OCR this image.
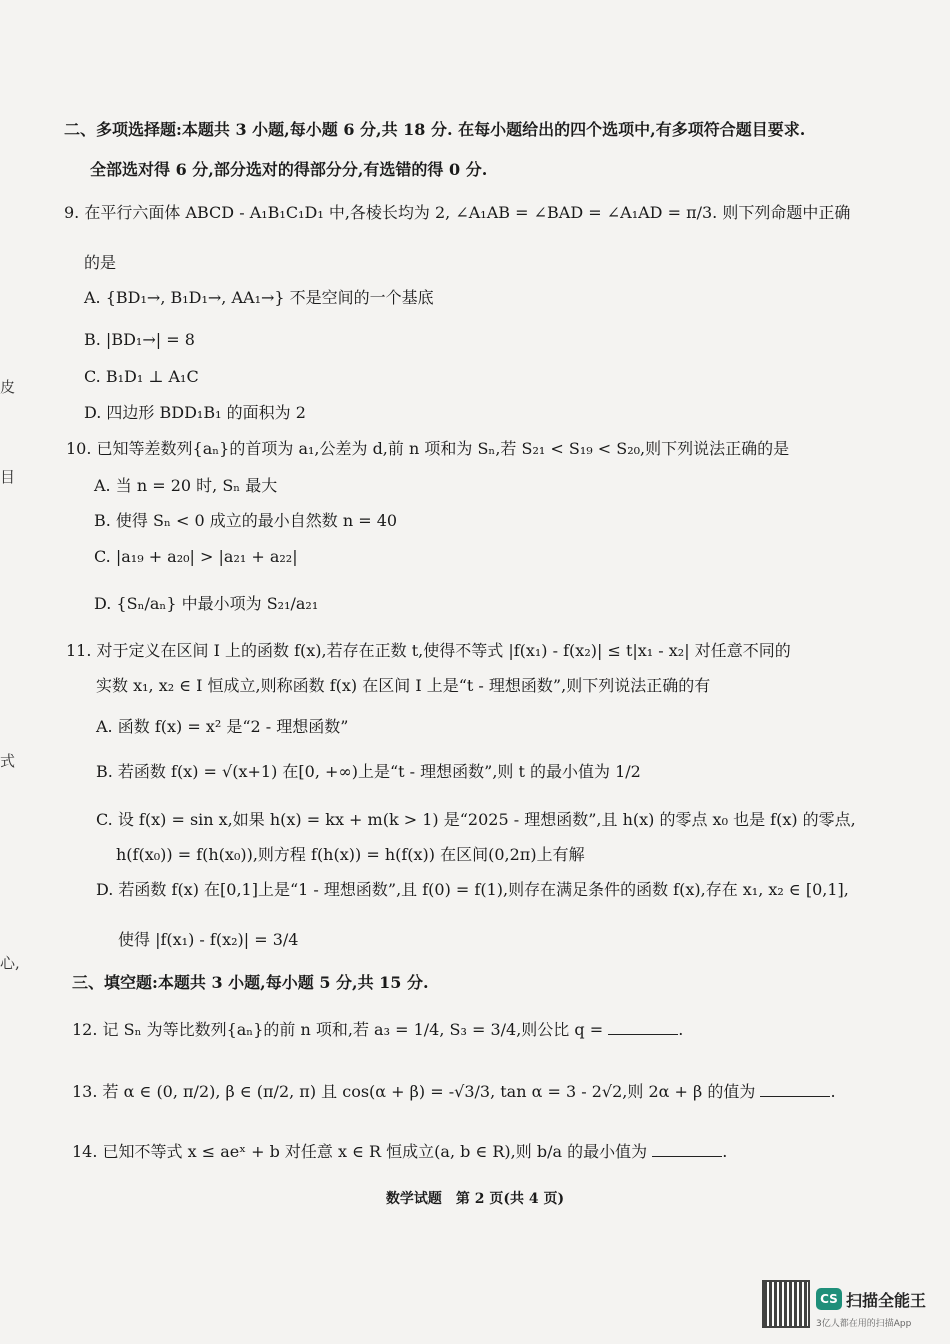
皮
目
式
心,
二、多项选择题:本题共 3 小题,每小题 6 分,共 18 分. 在每小题给出的四个选项中,有多项符合题目要求.
全部选对得 6 分,部分选对的得部分分,有选错的得 0 分.
9. 在平行六面体 ABCD - A₁B₁C₁D₁ 中,各棱长均为 2, ∠A₁AB = ∠BAD = ∠A₁AD = π/3. 则下列命题中正确
的是
A. {BD₁→, B₁D₁→, AA₁→} 不是空间的一个基底
B. |BD₁→| = 8
C. B₁D₁ ⊥ A₁C
D. 四边形 BDD₁B₁ 的面积为 2
10. 已知等差数列{aₙ}的首项为 a₁,公差为 d,前 n 项和为 Sₙ,若 S₂₁ < S₁₉ < S₂₀,则下列说法正确的是
A. 当 n = 20 时, Sₙ 最大
B. 使得 Sₙ < 0 成立的最小自然数 n = 40
C. |a₁₉ + a₂₀| > |a₂₁ + a₂₂|
D. {Sₙ/aₙ} 中最小项为 S₂₁/a₂₁
11. 对于定义在区间 I 上的函数 f(x),若存在正数 t,使得不等式 |f(x₁) - f(x₂)| ≤ t|x₁ - x₂| 对任意不同的
实数 x₁, x₂ ∈ I 恒成立,则称函数 f(x) 在区间 I 上是“t - 理想函数”,则下列说法正确的有
A. 函数 f(x) = x² 是“2 - 理想函数”
B. 若函数 f(x) = √(x+1) 在[0, +∞)上是“t - 理想函数”,则 t 的最小值为 1/2
C. 设 f(x) = sin x,如果 h(x) = kx + m(k > 1) 是“2025 - 理想函数”,且 h(x) 的零点 x₀ 也是 f(x) 的零点,
h(f(x₀)) = f(h(x₀)),则方程 f(h(x)) = h(f(x)) 在区间(0,2π)上有解
D. 若函数 f(x) 在[0,1]上是“1 - 理想函数”,且 f(0) = f(1),则存在满足条件的函数 f(x),存在 x₁, x₂ ∈ [0,1],
使得 |f(x₁) - f(x₂)| = 3/4
三、填空题:本题共 3 小题,每小题 5 分,共 15 分.
12. 记 Sₙ 为等比数列{aₙ}的前 n 项和,若 a₃ = 1/4, S₃ = 3/4,则公比 q =	.
13. 若 α ∈ (0, π/2), β ∈ (π/2, π) 且 cos(α + β) = -√3/3, tan α = 3 - 2√2,则 2α + β 的值为	.
14. 已知不等式 x ≤ aeˣ + b 对任意 x ∈ R 恒成立(a, b ∈ R),则 b/a 的最小值为	.
数学试题　第 2 页(共 4 页)
CS 扫描全能王
3亿人都在用的扫描App
